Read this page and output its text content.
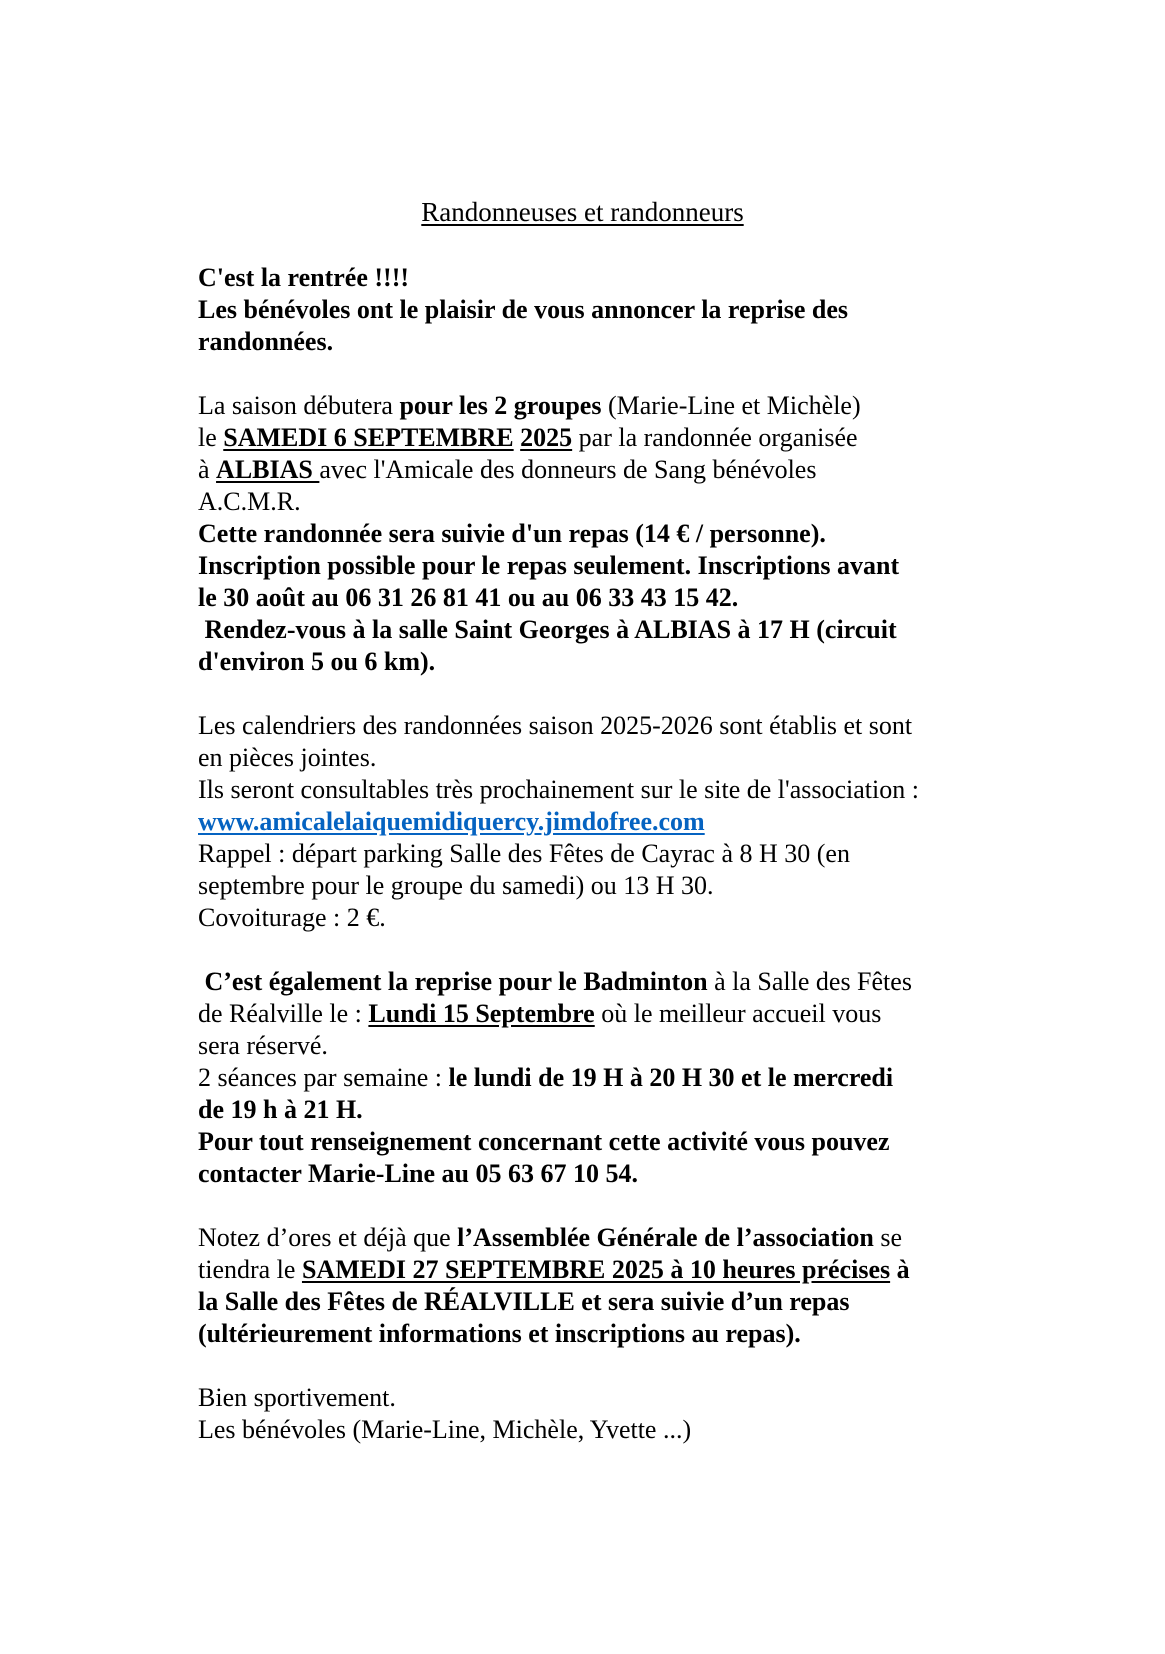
Randonneuses et randonneurs
C'est la rentrée !!!!
Les bénévoles ont le plaisir de vous annoncer la reprise des
randonnées.
La saison débutera pour les 2 groupes (Marie-Line et Michèle)
le SAMEDI 6 SEPTEMBRE 2025 par la randonnée organisée
à ALBIAS avec l'Amicale des donneurs de Sang bénévoles
A.C.M.R.
Cette randonnée sera suivie d'un repas (14 € / personne).
Inscription possible pour le repas seulement. Inscriptions avant
le 30 août au 06 31 26 81 41 ou au 06 33 43 15 42.
Rendez-vous à la salle Saint Georges à ALBIAS à 17 H (circuit
d'environ 5 ou 6 km).
Les calendriers des randonnées saison 2025-2026 sont établis et sont
en pièces jointes.
Ils seront consultables très prochainement sur le site de l'association :
www.amicalelaiquemidiquercy.jimdofree.com
Rappel : départ parking Salle des Fêtes de Cayrac à 8 H 30 (en
septembre pour le groupe du samedi) ou 13 H 30.
Covoiturage : 2 €.
C’est également la reprise pour le Badminton à la Salle des Fêtes
de Réalville le : Lundi 15 Septembre où le meilleur accueil vous
sera réservé.
2 séances par semaine : le lundi de 19 H à 20 H 30 et le mercredi
de 19 h à 21 H.
Pour tout renseignement concernant cette activité vous pouvez
contacter Marie-Line au 05 63 67 10 54.
Notez d’ores et déjà que l’Assemblée Générale de l’association se
tiendra le SAMEDI 27 SEPTEMBRE 2025 à 10 heures précises à
la Salle des Fêtes de RÉALVILLE et sera suivie d’un repas
(ultérieurement informations et inscriptions au repas).
Bien sportivement.
Les bénévoles (Marie-Line, Michèle, Yvette ...)
